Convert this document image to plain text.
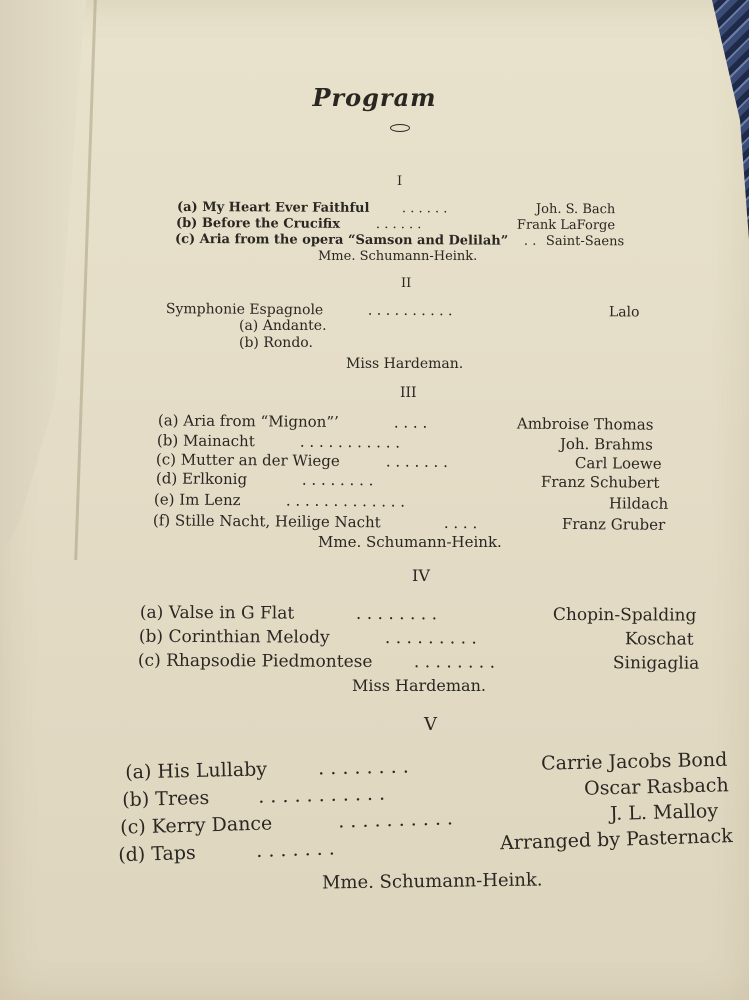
Program
I
(a) My Heart Ever Faithful . . . . . .	Joh. S. Bach
(b) Before the Crucifix	. . . . . .	Frank LaForge
(c) Aria from the opera “Samson and Delilah” . . Saint-Saens
Mme. Schumann-Heink.
II
Symphonie Espagnole	. . . . . . . . . .	Lalo
(a) Andante.
(b) Rondo.
Miss Hardeman.
III
(a) Aria from “Mignon”’	. . . .	Ambroise Thomas
(b) Mainacht	. . . . . . . . . . .	Joh. Brahms
(c) Mutter an der Wiege	. . . . . . .	Carl Loewe
(d) Erlkonig	. . . . . . . .	Franz Schubert
(e) Im Lenz	. . . . . . . . . . . . .	Hildach
(f) Stille Nacht, Heilige Nacht	. . . .	Franz Gruber
Mme. Schumann-Heink.
IV
(a) Valse in G Flat	. . . . . . . .	Chopin-Spalding
(b) Corinthian Melody	. . . . . . . . .	Koschat
(c) Rhapsodie Piedmontese . . . . . . . .	Sinigaglia
Miss Hardeman.
V
(a) His Lullaby	. . . . . . . .	Carrie Jacobs Bond
(b) Trees	. . . . . . . . . . .	Oscar Rasbach
(c) Kerry Dance	. . . . . . . . . .	J. L. Malloy
(d) Taps	. . . . . . .	Arranged by Pasternack
Mme. Schumann-Heink.
